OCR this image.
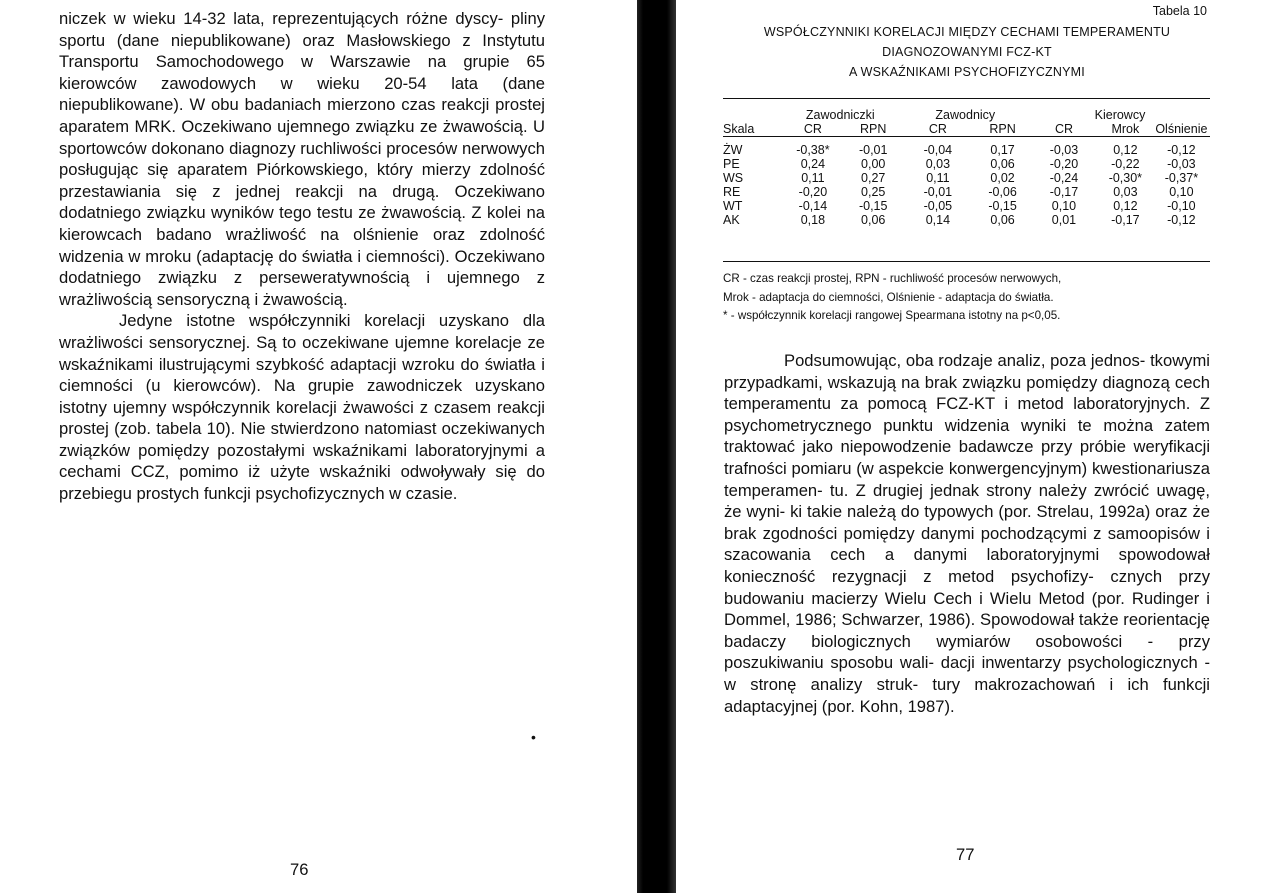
niczek w wieku 14-32 lata, reprezentujących różne dyscy- pliny sportu (dane niepublikowane) oraz Masłowskiego z Instytutu Transportu Samochodowego w Warszawie na grupie 65 kierowców zawodowych w wieku 20-54 lata (dane niepublikowane). W obu badaniach mierzono czas reakcji prostej aparatem MRK. Oczekiwano ujemnego związku ze żwawością. U sportowców dokonano diagnozy ruchliwości procesów nerwowych posługując się aparatem Piórkowskiego, który mierzy zdolność przestawiania się z jednej reakcji na drugą. Oczekiwano dodatniego związku wyników tego testu ze żwawością. Z kolei na kierowcach badano wrażliwość na olśnienie oraz zdolność widzenia w mroku (adaptację do światła i ciemności). Oczekiwano dodatniego związku z perseweratywnością i ujemnego z wrażliwością sensoryczną i żwawością.

Jedyne istotne współczynniki korelacji uzyskano dla wrażliwości sensorycznej. Są to oczekiwane ujemne korelacje ze wskaźnikami ilustrującymi szybkość adaptacji wzroku do światła i ciemności (u kierowców). Na grupie zawodniczek uzyskano istotny ujemny współczynnik korelacji żwawości z czasem reakcji prostej (zob. tabela 10). Nie stwierdzono natomiast oczekiwanych związków pomiędzy pozostałymi wskaźnikami laboratoryjnymi a cechami CCZ, pomimo iż użyte wskaźniki odwoływały się do przebiegu prostych funkcji psychofizycznych w czasie.

•
76
Tabela 10
WSPÓŁCZYNNIKI KORELACJI MIĘDZY CECHAMI TEMPERAMENTU
DIAGNOZOWANYMI FCZ-KT
A WSKAŹNIKAMI PSYCHOFIZYCZNYMI
	Zawodniczki		Zawodnicy		Kierowcy		
Skala	CR	RPN	CR	RPN	CR	Mrok	Olśnienie
ŻW	-0,38*	-0,01	-0,04	0,17	-0,03	0,12	-0,12
PE	0,24	0,00	0,03	0,06	-0,20	-0,22	-0,03
WS	0,11	0,27	0,11	0,02	-0,24	-0,30*	-0,37*
RE	-0,20	0,25	-0,01	-0,06	-0,17	0,03	0,10
WT	-0,14	-0,15	-0,05	-0,15	0,10	0,12	-0,10
AK	0,18	0,06	0,14	0,06	0,01	-0,17	-0,12

CR - czas reakcji prostej, RPN - ruchliwość procesów nerwowych,

Mrok - adaptacja do ciemności, Olśnienie - adaptacja do światła.

* - współczynnik korelacji rangowej Spearmana istotny na p<0,05.

Podsumowując, oba rodzaje analiz, poza jednos- tkowymi przypadkami, wskazują na brak związku pomiędzy diagnozą cech temperamentu za pomocą FCZ-KT i metod laboratoryjnych. Z psychometrycznego punktu widzenia wyniki te można zatem traktować jako niepowodzenie badawcze przy próbie weryfikacji trafności pomiaru (w aspekcie konwergencyjnym) kwestionariusza temperamen- tu. Z drugiej jednak strony należy zwrócić uwagę, że wyni- ki takie należą do typowych (por. Strelau, 1992a) oraz że brak zgodności pomiędzy danymi pochodzącymi z samoopisów i szacowania cech a danymi laboratoryjnymi spowodował konieczność rezygnacji z metod psychofizy- cznych przy budowaniu macierzy Wielu Cech i Wielu Metod (por. Rudinger i Dommel, 1986; Schwarzer, 1986). Spowodował także reorientację badaczy biologicznych wymiarów osobowości - przy poszukiwaniu sposobu wali- dacji inwentarzy psychologicznych - w stronę analizy struk- tury makrozachowań i ich funkcji adaptacyjnej (por. Kohn, 1987).

77
